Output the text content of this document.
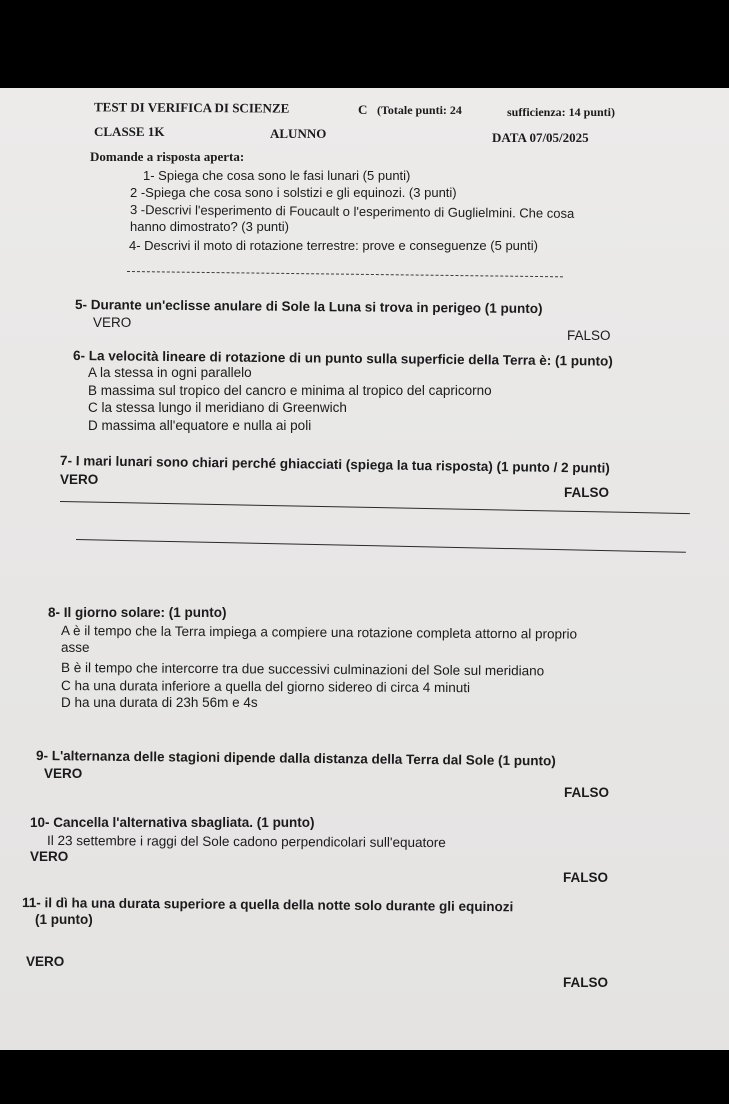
TEST DI VERIFICA DI SCIENZE	C (Totale punti: 24	sufficienza: 14 punti)
CLASSE 1K	ALUNNO	DATA 07/05/2025
Domande a risposta aperta:
1- Spiega che cosa sono le fasi lunari (5 punti)
2 -Spiega che cosa sono i solstizi e gli equinozi. (3 punti)
3 -Descrivi l'esperimento di Foucault o l'esperimento di Guglielmini. Che cosa
hanno dimostrato? (3 punti)
4- Descrivi il moto di rotazione terrestre: prove e conseguenze (5 punti)
5- Durante un'eclisse anulare di Sole la Luna si trova in perigeo (1 punto)
VERO
FALSO
6- La velocità lineare di rotazione di un punto sulla superficie della Terra è: (1 punto)
A la stessa in ogni parallelo
B massima sul tropico del cancro e minima al tropico del capricorno
C la stessa lungo il meridiano di Greenwich
D massima all'equatore e nulla ai poli
7- I mari lunari sono chiari perché ghiacciati (spiega la tua risposta) (1 punto / 2 punti)
VERO
FALSO
8- Il giorno solare: (1 punto)
A è il tempo che la Terra impiega a compiere una rotazione completa attorno al proprio
asse
B è il tempo che intercorre tra due successivi culminazioni del Sole sul meridiano
C ha una durata inferiore a quella del giorno sidereo di circa 4 minuti
D ha una durata di 23h 56m e 4s
9- L'alternanza delle stagioni dipende dalla distanza della Terra dal Sole (1 punto)
VERO
FALSO
10- Cancella l'alternativa sbagliata. (1 punto)
Il 23 settembre i raggi del Sole cadono perpendicolari sull'equatore
VERO
FALSO
11- il dì ha una durata superiore a quella della notte solo durante gli equinozi
(1 punto)
VERO
FALSO
